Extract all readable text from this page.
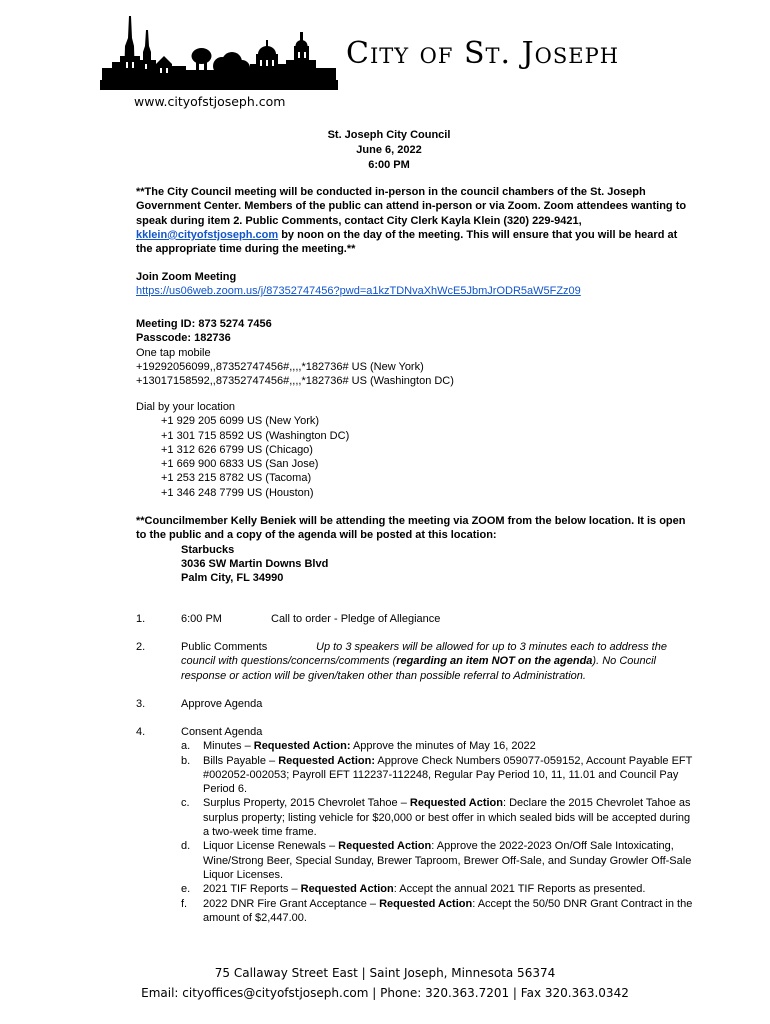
City of St. Joseph
www.cityofstjoseph.com
St. Joseph City Council
June 6, 2022
6:00 PM
**The City Council meeting will be conducted in-person in the council chambers of the St. Joseph Government Center. Members of the public can attend in-person or via Zoom. Zoom attendees wanting to speak during item 2. Public Comments, contact City Clerk Kayla Klein (320) 229-9421, kklein@cityofstjoseph.com by noon on the day of the meeting. This will ensure that you will be heard at the appropriate time during the meeting.**
Join Zoom Meeting
https://us06web.zoom.us/j/87352747456?pwd=a1kzTDNvaXhWcE5JbmJrODR5aW5FZz09
Meeting ID: 873 5274 7456
Passcode: 182736
One tap mobile
+19292056099,,87352747456#,,,,*182736# US (New York)
+13017158592,,87352747456#,,,,*182736# US (Washington DC)
Dial by your location
+1 929 205 6099 US (New York)
+1 301 715 8592 US (Washington DC)
+1 312 626 6799 US (Chicago)
+1 669 900 6833 US (San Jose)
+1 253 215 8782 US (Tacoma)
+1 346 248 7799 US (Houston)
**Councilmember Kelly Beniek will be attending the meeting via ZOOM from the below location. It is open to the public and a copy of the agenda will be posted at this location:
Starbucks
3036 SW Martin Downs Blvd
Palm City, FL 34990
1.	6:00 PM	Call to order - Pledge of Allegiance
2.	Public Comments	Up to 3 speakers will be allowed for up to 3 minutes each to address the council with questions/concerns/comments (regarding an item NOT on the agenda). No Council response or action will be given/taken other than possible referral to Administration.
3.	Approve Agenda
4.	Consent Agenda
a. Minutes – Requested Action: Approve the minutes of May 16, 2022
b. Bills Payable – Requested Action: Approve Check Numbers 059077-059152, Account Payable EFT #002052-002053; Payroll EFT 112237-112248, Regular Pay Period 10, 11, 11.01 and Council Pay Period 6.
c. Surplus Property, 2015 Chevrolet Tahoe – Requested Action: Declare the 2015 Chevrolet Tahoe as surplus property; listing vehicle for $20,000 or best offer in which sealed bids will be accepted during a two-week time frame.
d. Liquor License Renewals – Requested Action: Approve the 2022-2023 On/Off Sale Intoxicating, Wine/Strong Beer, Special Sunday, Brewer Taproom, Brewer Off-Sale, and Sunday Growler Off-Sale Liquor Licenses.
e. 2021 TIF Reports – Requested Action: Accept the annual 2021 TIF Reports as presented.
f. 2022 DNR Fire Grant Acceptance – Requested Action: Accept the 50/50 DNR Grant Contract in the amount of $2,447.00.
75 Callaway Street East | Saint Joseph, Minnesota 56374
Email: cityoffices@cityofstjoseph.com | Phone: 320.363.7201 | Fax 320.363.0342
